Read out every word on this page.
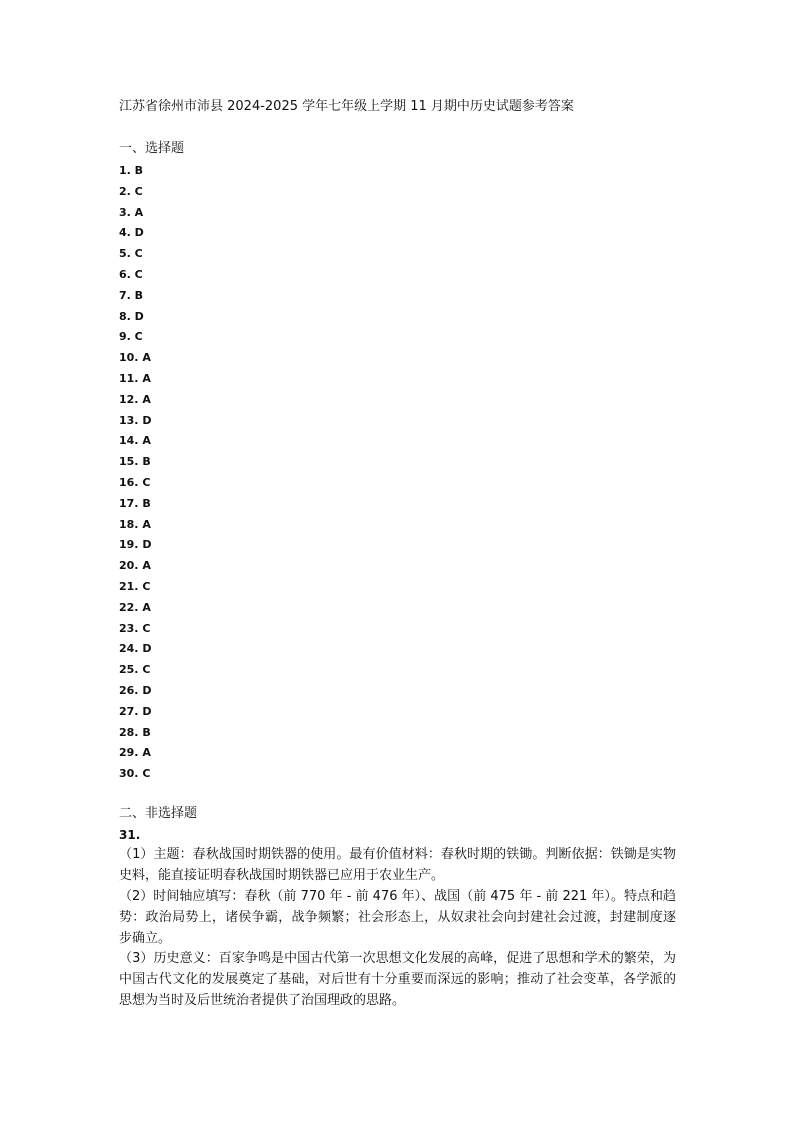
江苏省徐州市沛县 2024-2025 学年七年级上学期 11 月期中历史试题参考答案
一、选择题
1. B
2. C
3. A
4. D
5. C
6. C
7. B
8. D
9. C
10. A
11. A
12. A
13. D
14. A
15. B
16. C
17. B
18. A
19. D
20. A
21. C
22. A
23. C
24. D
25. C
26. D
27. D
28. B
29. A
30. C
二、非选择题
31.
（1）主题：春秋战国时期铁器的使用。最有价值材料：春秋时期的铁锄。判断依据：铁锄是实物史料，能直接证明春秋战国时期铁器已应用于农业生产。
（2）时间轴应填写：春秋（前 770 年 - 前 476 年）、战国（前 475 年 - 前 221 年）。特点和趋势：政治局势上，诸侯争霸，战争频繁；社会形态上，从奴隶社会向封建社会过渡，封建制度逐步确立。
（3）历史意义：百家争鸣是中国古代第一次思想文化发展的高峰，促进了思想和学术的繁荣，为中国古代文化的发展奠定了基础，对后世有十分重要而深远的影响；推动了社会变革，各学派的思想为当时及后世统治者提供了治国理政的思路。
